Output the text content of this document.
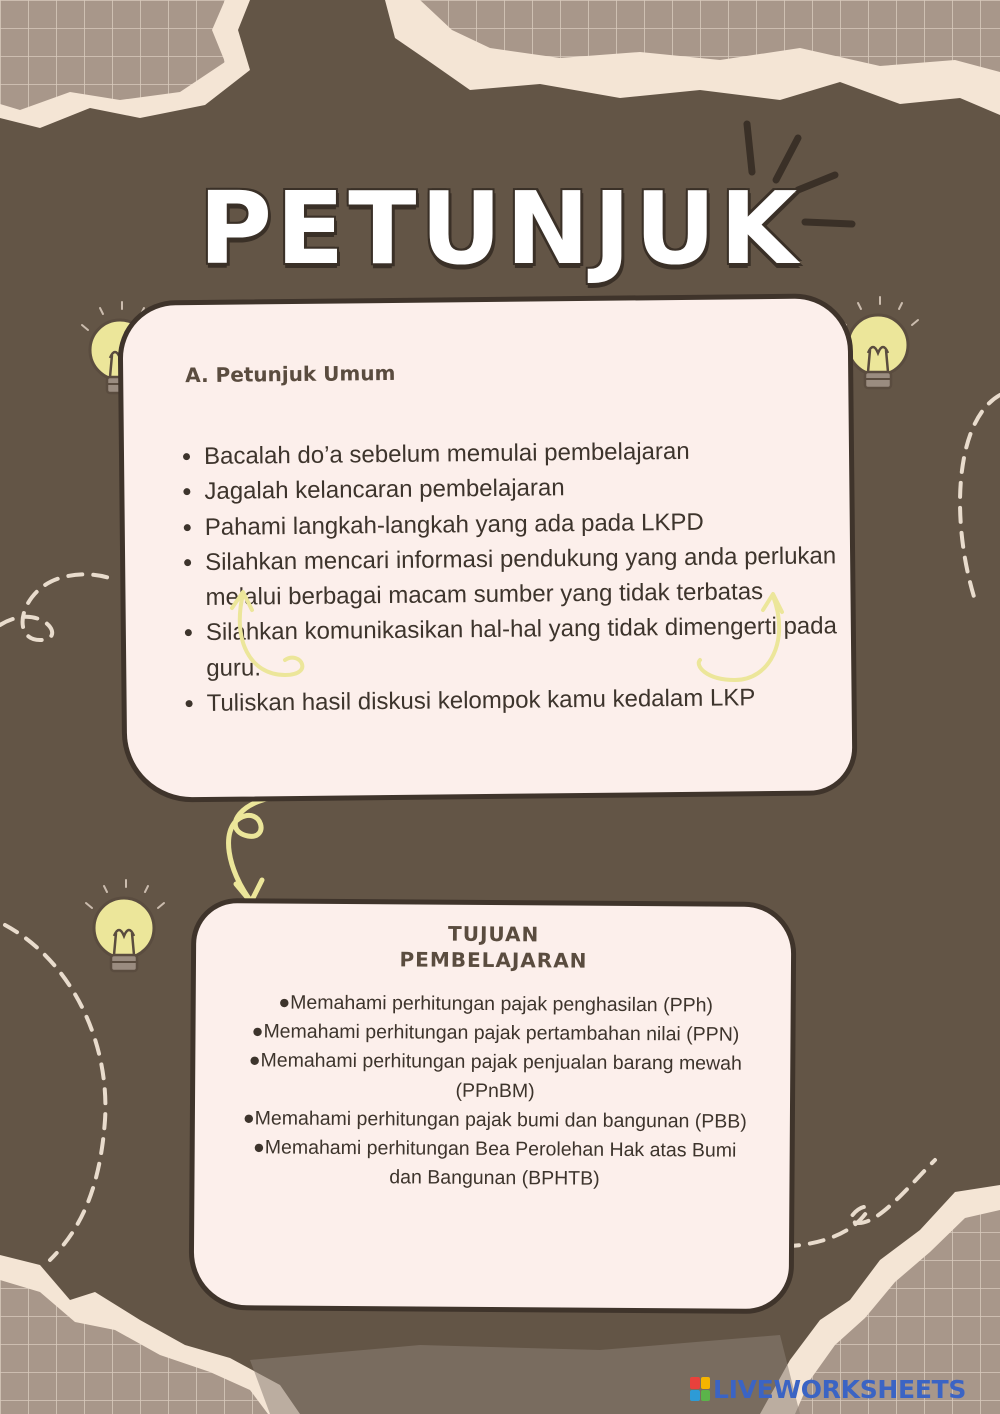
PETUNJUK
A. Petunjuk Umum
• Bacalah do’a sebelum memulai pembelajaran
• Jagalah kelancaran pembelajaran
• Pahami langkah-langkah yang ada pada LKPD
• Silahkan mencari informasi pendukung yang anda perlukan melalui berbagai macam sumber yang tidak terbatas
• Silahkan komunikasikan hal-hal yang tidak dimengerti pada guru.
• Tuliskan hasil diskusi kelompok kamu kedalam LKP
TUJUAN
PEMBELAJARAN
●Memahami perhitungan pajak penghasilan (PPh)
●Memahami perhitungan pajak pertambahan nilai (PPN)
●Memahami perhitungan pajak penjualan barang mewah (PPnBM)
●Memahami perhitungan pajak bumi dan bangunan (PBB)
●Memahami perhitungan Bea Perolehan Hak atas Bumi dan Bangunan (BPHTB)
LIVEWORKSHEETS
